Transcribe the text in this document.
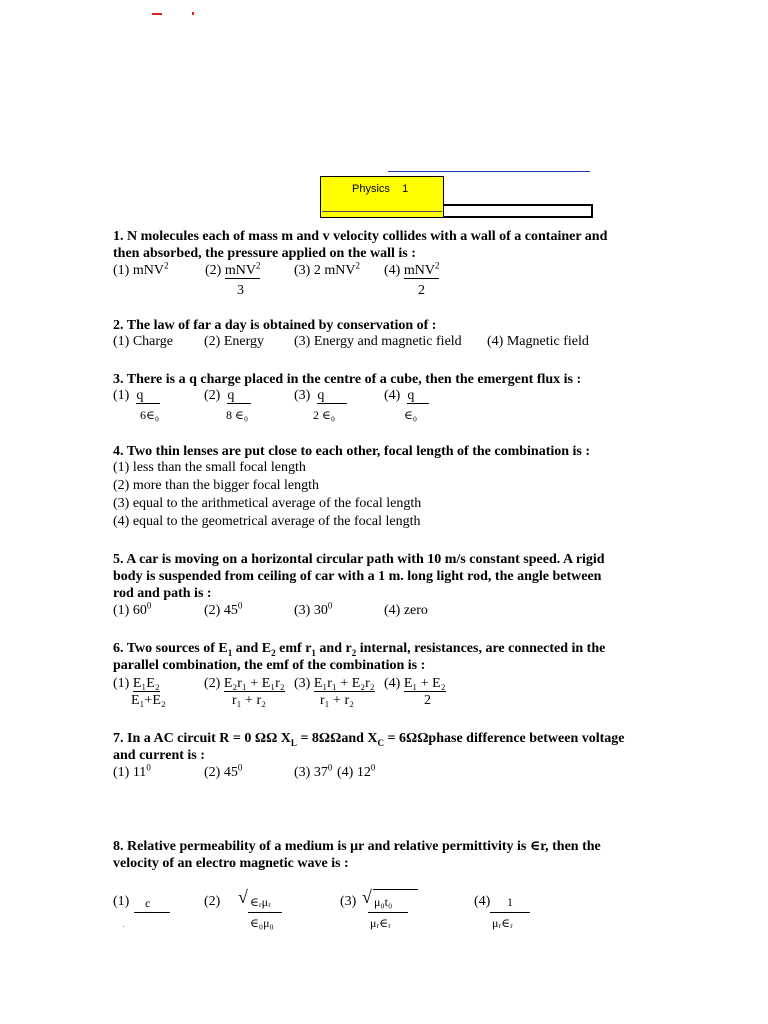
Physics 1
1. N molecules each of mass m and v velocity collides with a wall of a container and
then absorbed, the pressure applied on the wall is :
(1) mNV$^2$	(2) mNV$^2$
3
(3) 2 mNV$^2$ (4) mNV$^2$
2
2. The law of far a day is obtained by conservation of :
(1) Charge (2) Energy (3) Energy and magnetic field (4) Magnetic field
3. There is a q charge placed in the centre of a cube, then the emergent flux is :
(1) q
6∈₀
(2) q
8 ∈₀
(3) q
2 ∈₀
(4) q
∈₀
4. Two thin lenses are put close to each other, focal length of the combination is :
(1) less than the small focal length
(2) more than the bigger focal length
(3) equal to the arithmetical average of the focal length
(4) equal to the geometrical average of the focal length
5. A car is moving on a horizontal circular path with 10 m/s constant speed. A rigid
body is suspended from ceiling of car with a 1 m. long light rod, the angle between
rod and path is :
(1) $60^0$	(2) $45^0$	(3) $30^0$	(4) zero
6. Two sources of $E_1$ and $E_2$ emf $r_1$ and $r_2$ internal, resistances, are connected in the
parallel combination, the emf of the combination is :
(1) E₁E₂
E₁+E₂
(2) E₂r₁ + E₁r₂
r₁ + r₂
(3) E₁r₁ + E₂r₂
r₁ + r₂
(4) E₁ + E₂
2
7. In a AC circuit R = 0 ΩΩ $X_L = 8\Omega\Omega and$ $X_C$ = 6ΩΩphase difference between voltage
and current is :
(1) $11^0$	(2) $45^0$	(3) $37^0$ (4) $12^0$
8. Relative permeability of a medium is μr and relative permittivity is ∈r, then the
velocity of an electro magnetic wave is :
(1) c	(2) √ ∈ᵣμᵣ
∈₀μ₀
(3) √ μ₀t₀
μᵣ∈ᵣ
(4) 1
μᵣ∈ᵣ
